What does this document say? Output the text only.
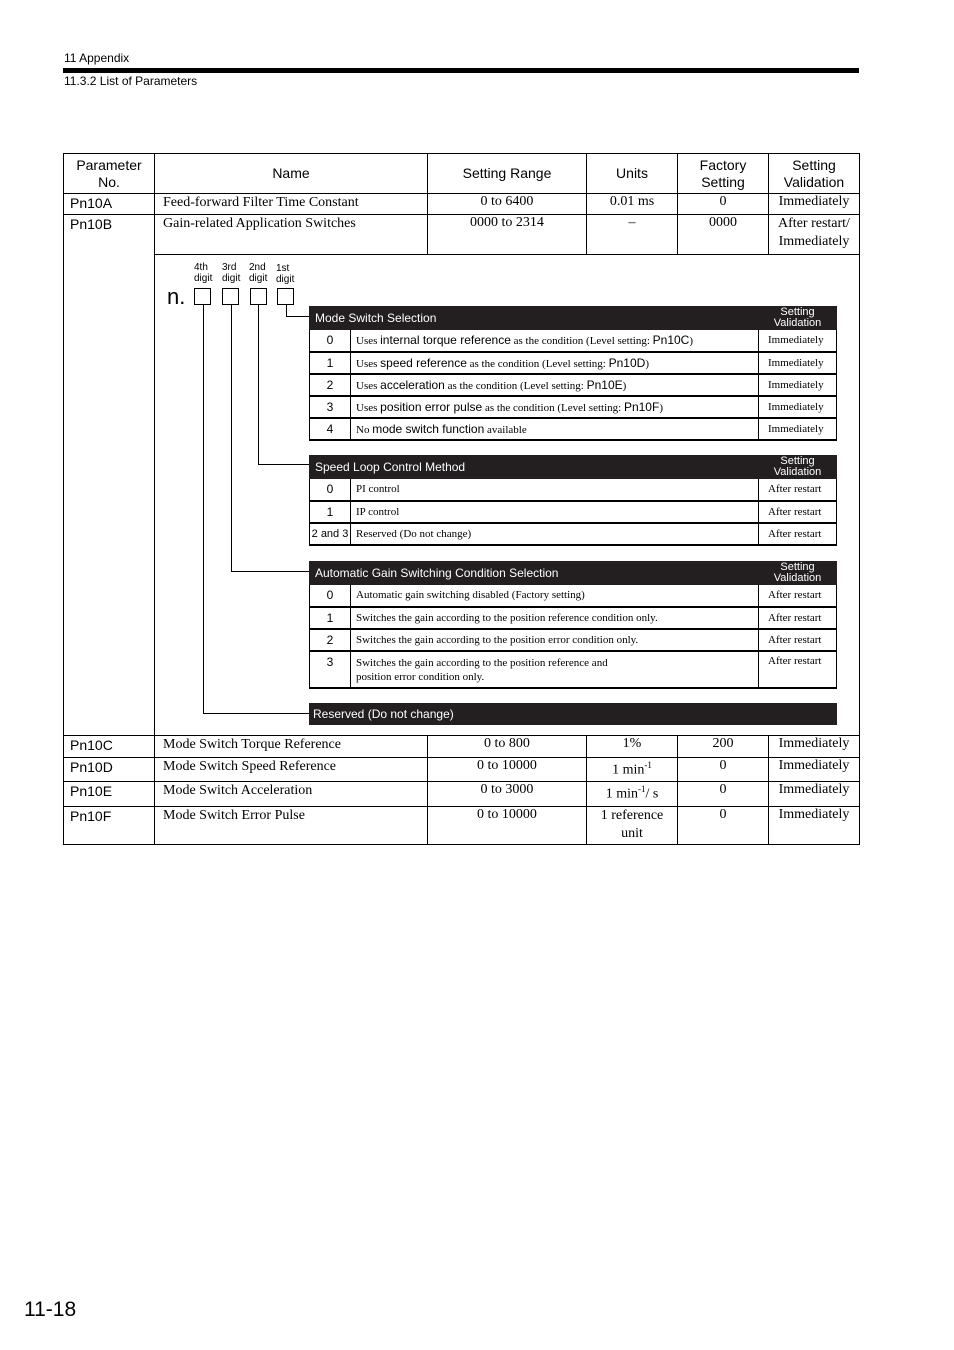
11 Appendix
11.3.2 List of Parameters
Parameter
No.	Name	Setting Range	Units	Factory
Setting	Setting
Validation
Pn10A	Feed-forward Filter Time Constant	0 to 6400	0.01 ms	0	Immediately
Pn10B	Gain-related Application Switches	0000 to 2314	–	0000	After restart/
Immediately

Pn10C	Mode Switch Torque Reference	0 to 800	1%	200	Immediately
Pn10D	Mode Switch Speed Reference	0 to 10000	1 $\min^{-1}$	0	Immediately
Pn10E	Mode Switch Acceleration	0 to 3000	1 $\min^{-1}/$ s	0	Immediately
Pn10F	Mode Switch Error Pulse	0 to 10000	1 reference
unit	0	Immediately
4th
digit
3rd
digit
2nd
digit
1st
digit
n.
Mode Switch Selection		Setting
Validation
0	Uses internal torque reference as the condition (Level setting: Pn10C)	Immediately
1	Uses speed reference as the condition (Level setting: Pn10D)	Immediately
2	Uses acceleration as the condition (Level setting: Pn10E)	Immediately
3	Uses position error pulse as the condition (Level setting: Pn10F)	Immediately
4	No mode switch function available	Immediately
Speed Loop Control Method		Setting
Validation
0	PI control	After restart
1	IP control	After restart
2 and 3	Reserved (Do not change)	After restart
Automatic Gain Switching Condition Selection		Setting
Validation
0	Automatic gain switching disabled (Factory setting)	After restart
1	Switches the gain according to the position reference condition only.	After restart
2	Switches the gain according to the position error condition only.	After restart
3	Switches the gain according to the position reference and
position error condition only.	After restart
Reserved (Do not change)
11-18
